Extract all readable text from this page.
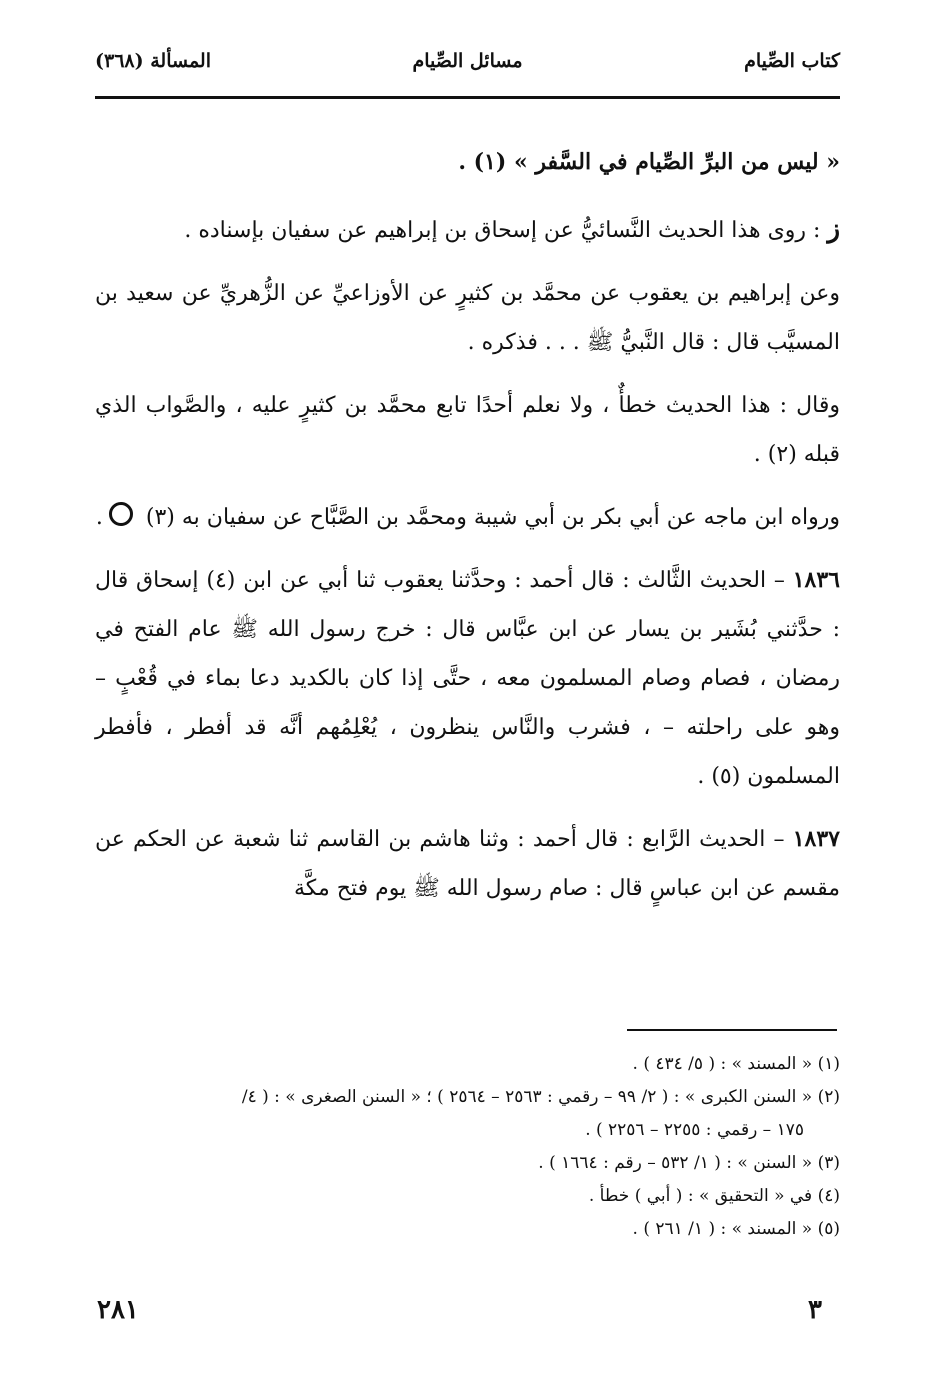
كتاب الصِّيام
مسائل الصِّيام
المسألة (٣٦٨)

« ليس من البرِّ الصِّيام في السَّفر » (١) .

ز : روى هذا الحديث النَّسائيُّ عن إسحاق بن إبراهيم عن سفيان بإسناده .

وعن إبراهيم بن يعقوب عن محمَّد بن كثيرٍ عن الأوزاعيِّ عن الزُّهريِّ عن سعيد بن المسيَّب قال : قال النَّبيُّ ﷺ . . . فذكره .

وقال : هذا الحديث خطأٌ ، ولا نعلم أحدًا تابع محمَّد بن كثيرٍ عليه ، والصَّواب الذي قبله (٢) .

ورواه ابن ماجه عن أبي بكر بن أبي شيبة ومحمَّد بن الصَّبَّاح عن سفيان به (٣) .

١٨٣٦ – الحديث الثَّالث : قال أحمد : وحدَّثنا يعقوب ثنا أبي عن ابن (٤) إسحاق قال : حدَّثني بُشَير بن يسار عن ابن عبَّاس قال : خرج رسول الله ﷺ عام الفتح في رمضان ، فصام وصام المسلمون معه ، حتَّى إذا كان بالكديد دعا بماء في قُعْبٍ – وهو على راحلته – ، فشرب والنَّاس ينظرون ، يُعْلِمُهم أنَّه قد أفطر ، فأفطر المسلمون (٥) .

١٨٣٧ – الحديث الرَّابع : قال أحمد : وثنا هاشم بن القاسم ثنا شعبة عن الحكم عن مقسم عن ابن عباسٍ قال : صام رسول الله ﷺ يوم فتح مكَّة

(١) « المسند » : ( ٥/ ٤٣٤ ) .
(٢) « السنن الكبرى » : ( ٢/ ٩٩ – رقمي : ٢٥٦٣ – ٢٥٦٤ ) ؛ « السنن الصغرى » : ( ٤/
١٧٥ – رقمي : ٢٢٥٥ – ٢٢٥٦ ) .
(٣) « السنن » : ( ١/ ٥٣٢ – رقم : ١٦٦٤ ) .
(٤) في « التحقيق » : ( أبي ) خطأ .
(٥) « المسند » : ( ١/ ٢٦١ ) .
٢٨١	٣
